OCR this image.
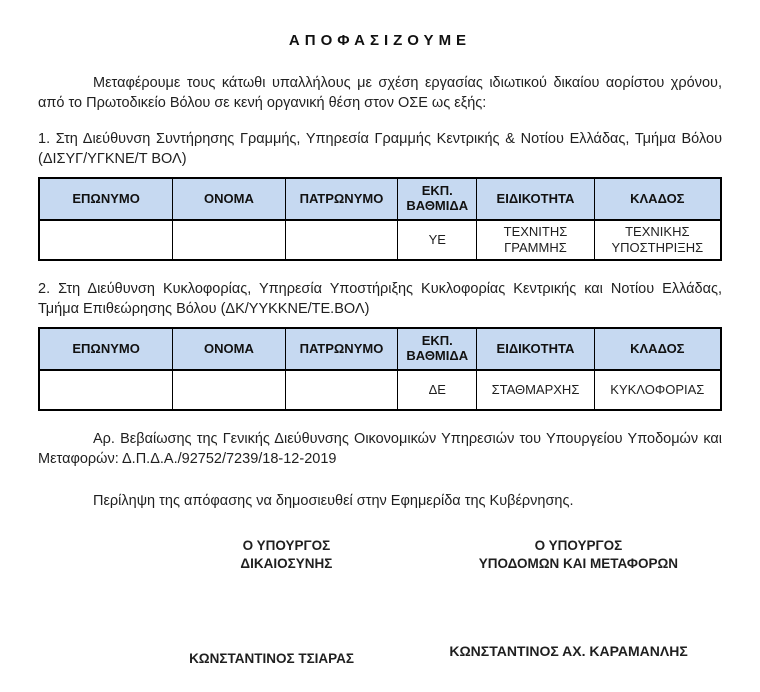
ΑΠΟΦΑΣΙΖΟΥΜΕ

Μεταφέρουμε τους κάτωθι υπαλλήλους με σχέση εργασίας ιδιωτικού δικαίου αορίστου χρόνου, από το Πρωτοδικείο Βόλου σε κενή οργανική θέση στον ΟΣΕ ως εξής:

1. Στη Διεύθυνση Συντήρησης Γραμμής, Υπηρεσία Γραμμής Κεντρικής & Νοτίου Ελλάδας, Τμήμα Βόλου (ΔΙΣΥΓ/ΥΓΚΝΕ/Τ ΒΟΛ)

ΕΠΩΝΥΜΟ	ΟΝΟΜΑ	ΠΑΤΡΩΝΥΜΟ	ΕΚΠ. ΒΑΘΜΙΔΑ	ΕΙΔΙΚΟΤΗΤΑ	ΚΛΑΔΟΣ
			ΥΕ	ΤΕΧΝΙΤΗΣ ΓΡΑΜΜΗΣ	ΤΕΧΝΙΚΗΣ ΥΠΟΣΤΗΡΙΞΗΣ

2. Στη Διεύθυνση Κυκλοφορίας, Υπηρεσία Υποστήριξης Κυκλοφορίας Κεντρικής και Νοτίου Ελλάδας, Τμήμα Επιθεώρησης Βόλου (ΔΚ/ΥΥΚΚΝΕ/ΤΕ.ΒΟΛ)

ΕΠΩΝΥΜΟ	ΟΝΟΜΑ	ΠΑΤΡΩΝΥΜΟ	ΕΚΠ. ΒΑΘΜΙΔΑ	ΕΙΔΙΚΟΤΗΤΑ	ΚΛΑΔΟΣ
			ΔΕ	ΣΤΑΘΜΑΡΧΗΣ	ΚΥΚΛΟΦΟΡΙΑΣ

Αρ. Βεβαίωσης της Γενικής Διεύθυνσης Οικονομικών Υπηρεσιών του Υπουργείου Υποδομών και Μεταφορών: Δ.Π.Δ.Α./92752/7239/18-12-2019

Περίληψη της απόφασης να δημοσιευθεί στην Εφημερίδα της Κυβέρνησης.

Ο ΥΠΟΥΡΓΟΣ
ΔΙΚΑΙΟΣΥΝΗΣ
Ο ΥΠΟΥΡΓΟΣ
ΥΠΟΔΟΜΩΝ ΚΑΙ ΜΕΤΑΦΟΡΩΝ
ΚΩΝΣΤΑΝΤΙΝΟΣ ΤΣΙΑΡΑΣ	ΚΩΝΣΤΑΝΤΙΝΟΣ ΑΧ. ΚΑΡΑΜΑΝΛΗΣ
